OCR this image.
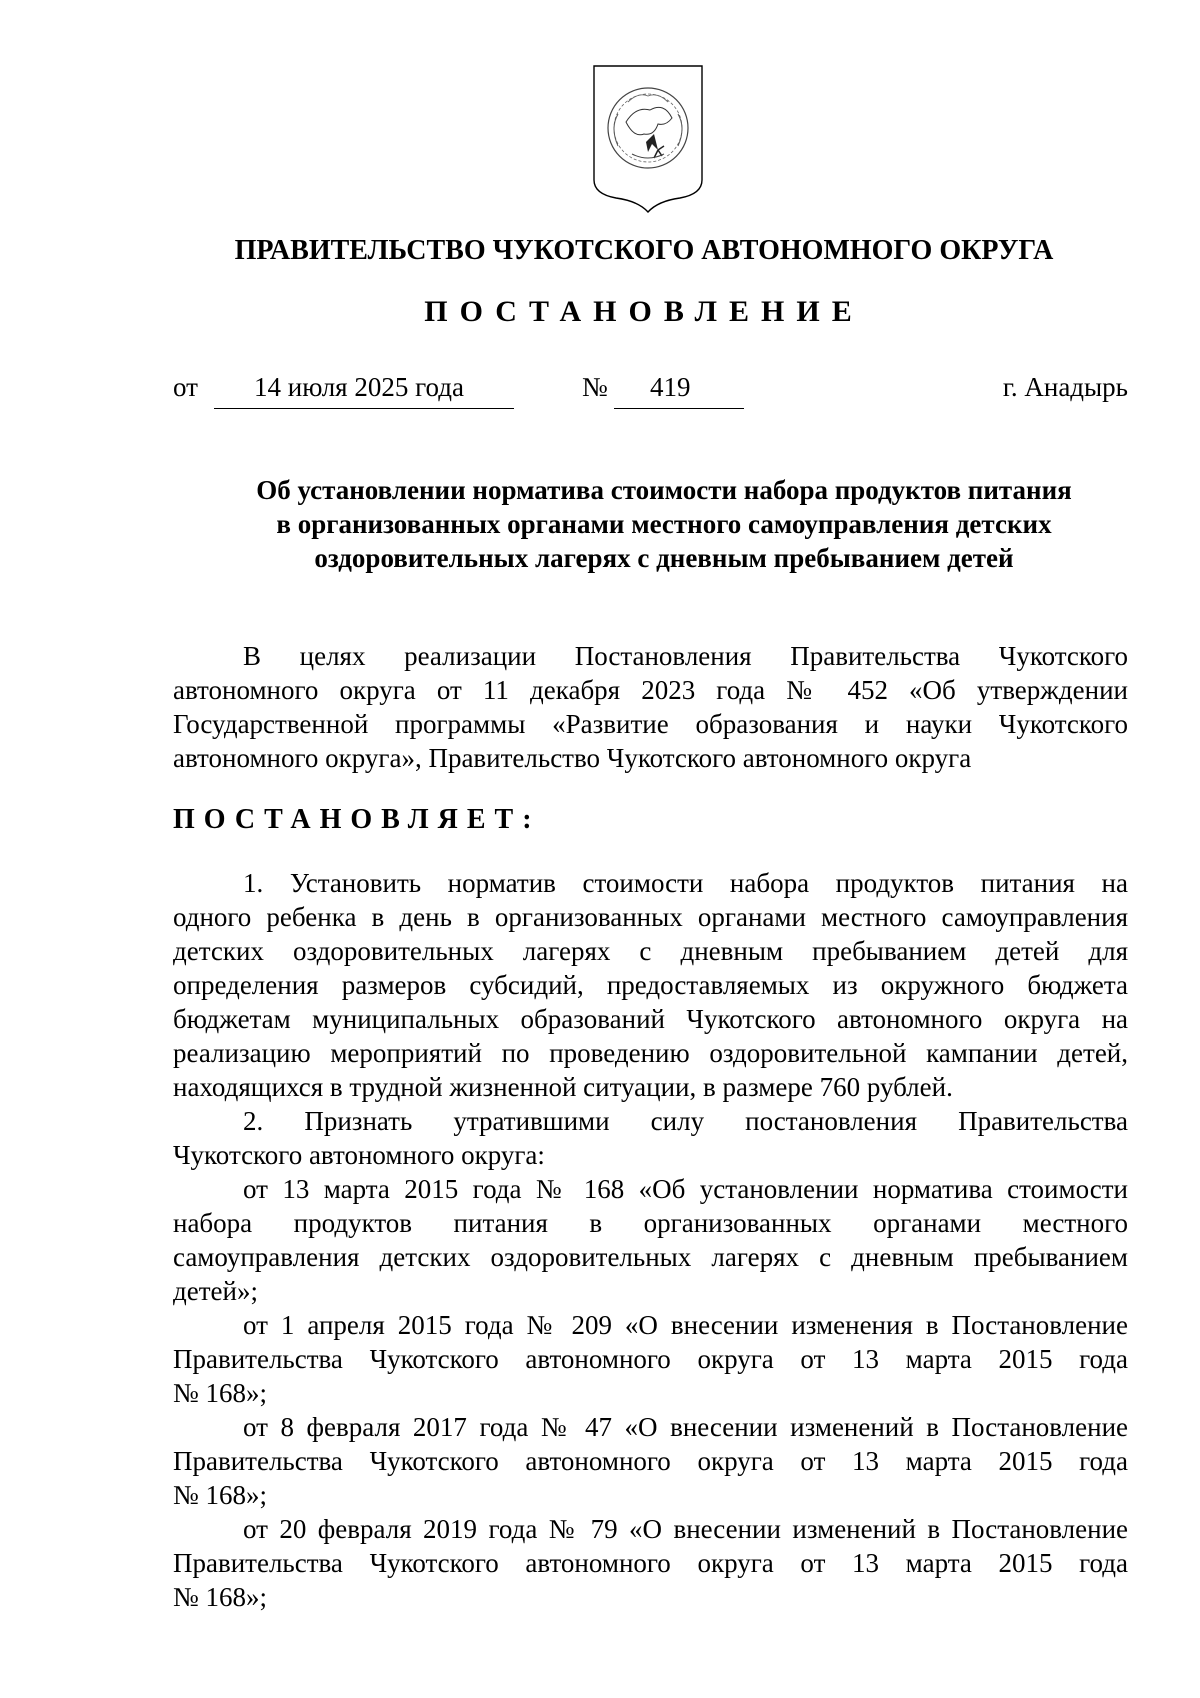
ПРАВИТЕЛЬСТВО ЧУКОТСКОГО АВТОНОМНОГО ОКРУГА
ПОСТАНОВЛЕНИЕ
от 14 июля 2025 года	№ 419	г. Анадырь
Об установлении норматива стоимости набора продуктов питания
в организованных органами местного самоуправления детских
оздоровительных лагерях с дневным пребыванием детей
В целях реализации Постановления Правительства Чукотского
автономного округа от 11 декабря 2023 года № 452 «Об утверждении
Государственной программы «Развитие образования и науки Чукотского
автономного округа», Правительство Чукотского автономного округа
ПОСТАНОВЛЯЕТ:
1. Установить норматив стоимости набора продуктов питания на
одного ребенка в день в организованных органами местного самоуправления
детских оздоровительных лагерях с дневным пребыванием детей для
определения размеров субсидий, предоставляемых из окружного бюджета
бюджетам муниципальных образований Чукотского автономного округа на
реализацию мероприятий по проведению оздоровительной кампании детей,
находящихся в трудной жизненной ситуации, в размере 760 рублей.
2. Признать утратившими силу постановления Правительства
Чукотского автономного округа:
от 13 марта 2015 года № 168 «Об установлении норматива стоимости
набора продуктов питания в организованных органами местного
самоуправления детских оздоровительных лагерях с дневным пребыванием
детей»;
от 1 апреля 2015 года № 209 «О внесении изменения в Постановление
Правительства Чукотского автономного округа от 13 марта 2015 года
№ 168»;
от 8 февраля 2017 года № 47 «О внесении изменений в Постановление
Правительства Чукотского автономного округа от 13 марта 2015 года
№ 168»;
от 20 февраля 2019 года № 79 «О внесении изменений в Постановление
Правительства Чукотского автономного округа от 13 марта 2015 года
№ 168»;
